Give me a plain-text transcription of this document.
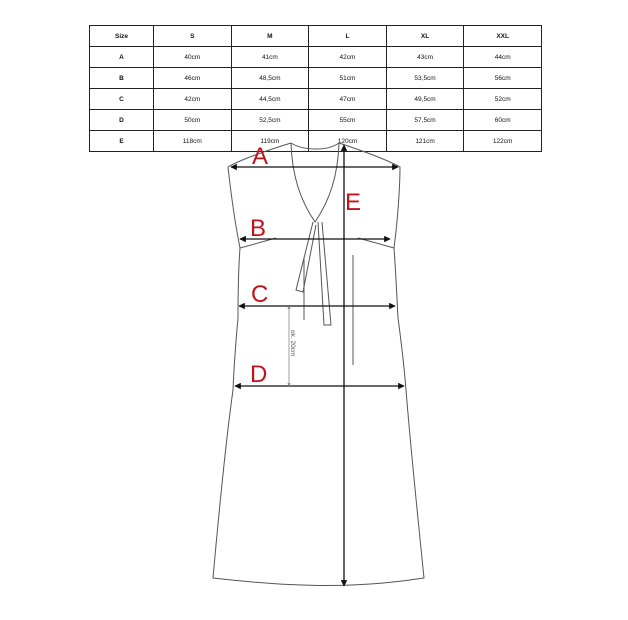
Size	S	M	L	XL	XXL
A	40cm	41cm	42cm	43cm	44cm
B	46cm	48,5cm	51cm	53,5cm	56cm
C	42cm	44,5cm	47cm	49,5cm	52cm
D	50cm	52,5cm	55cm	57,5cm	60cm
E	118cm	119cm	120cm	121cm	122cm
A
E
B
C
D
ok. 20cm
